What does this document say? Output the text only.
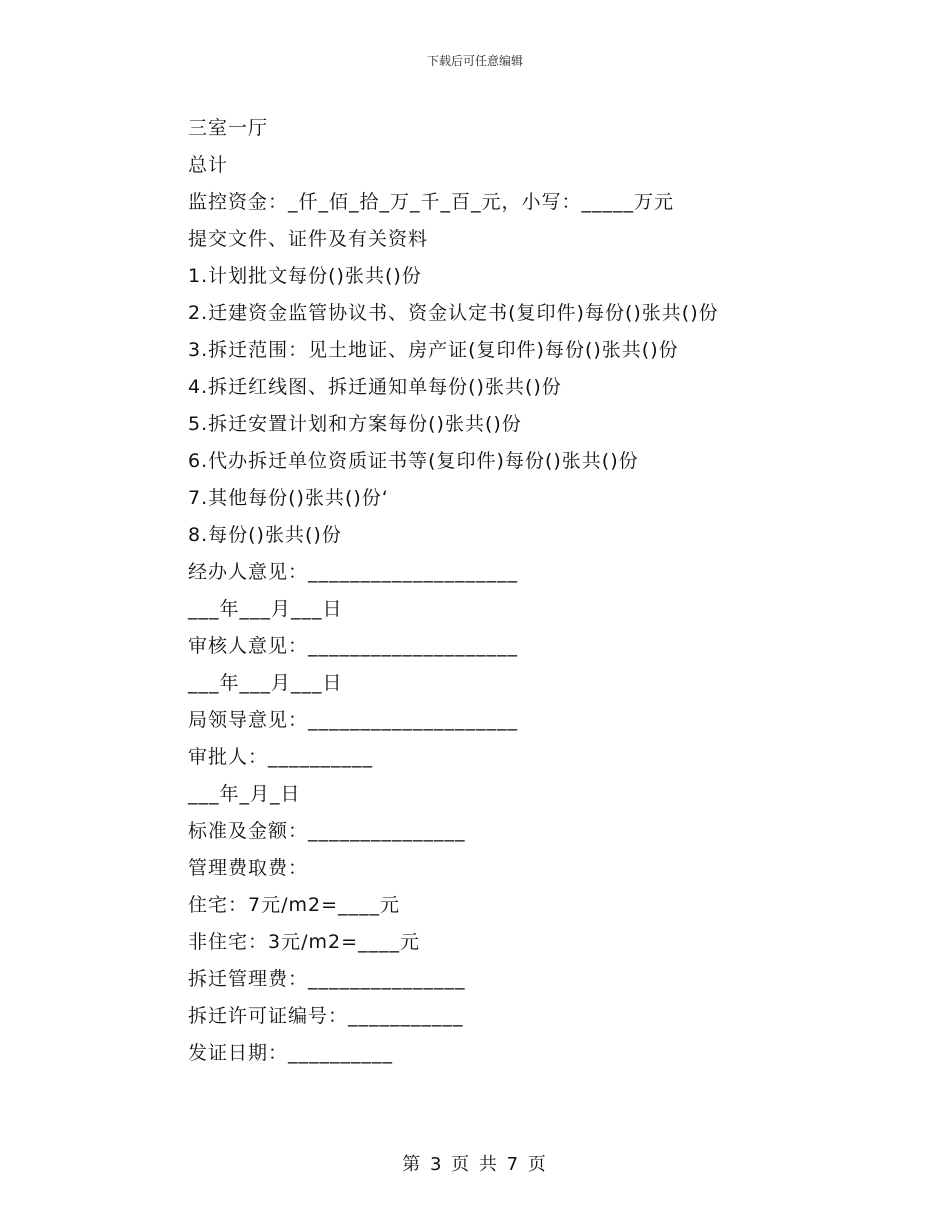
下载后可任意编辑
三室一厅
总计
监控资金：_仟_佰_拾_万_千_百_元，小写：_____万元
提交文件、证件及有关资料
1.计划批文每份()张共()份
2.迁建资金监管协议书、资金认定书(复印件)每份()张共()份
3.拆迁范围：见土地证、房产证(复印件)每份()张共()份
4.拆迁红线图、拆迁通知单每份()张共()份
5.拆迁安置计划和方案每份()张共()份
6.代办拆迁单位资质证书等(复印件)每份()张共()份
7.其他每份()张共()份‘
8.每份()张共()份
经办人意见：____________________
___年___月___日
审核人意见：____________________
___年___月___日
局领导意见：____________________
审批人：__________
___年_月_日
标准及金额：_______________
管理费取费：
住宅：7元/m2=____元
非住宅：3元/m2=____元
拆迁管理费：_______________
拆迁许可证编号：___________
发证日期：__________
第 3 页 共 7 页
